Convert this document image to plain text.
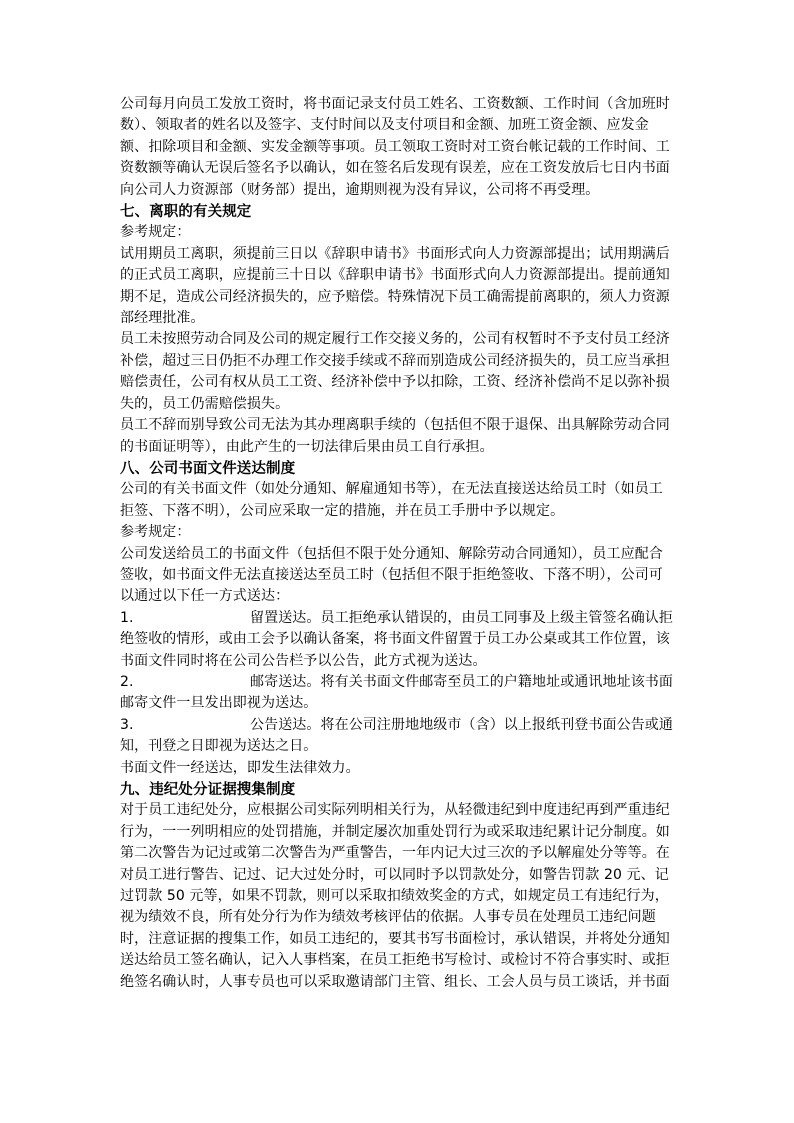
公司每月向员工发放工资时，将书面记录支付员工姓名、工资数额、工作时间（含加班时数）、领取者的姓名以及签字、支付时间以及支付项目和金额、加班工资金额、应发金额、扣除项目和金额、实发金额等事项。员工领取工资时对工资台帐记载的工作时间、工资数额等确认无误后签名予以确认，如在签名后发现有误差，应在工资发放后七日内书面向公司人力资源部（财务部）提出，逾期则视为没有异议，公司将不再受理。

七、离职的有关规定

参考规定：

试用期员工离职，须提前三日以《辞职申请书》书面形式向人力资源部提出；试用期满后的正式员工离职，应提前三十日以《辞职申请书》书面形式向人力资源部提出。提前通知期不足，造成公司经济损失的，应予赔偿。特殊情况下员工确需提前离职的，须人力资源部经理批准。

员工未按照劳动合同及公司的规定履行工作交接义务的，公司有权暂时不予支付员工经济补偿，超过三日仍拒不办理工作交接手续或不辞而别造成公司经济损失的，员工应当承担赔偿责任，公司有权从员工工资、经济补偿中予以扣除，工资、经济补偿尚不足以弥补损失的，员工仍需赔偿损失。

员工不辞而别导致公司无法为其办理离职手续的（包括但不限于退保、出具解除劳动合同的书面证明等），由此产生的一切法律后果由员工自行承担。

八、公司书面文件送达制度

公司的有关书面文件（如处分通知、解雇通知书等），在无法直接送达给员工时（如员工拒签、下落不明），公司应采取一定的措施，并在员工手册中予以规定。

参考规定：

公司发送给员工的书面文件（包括但不限于处分通知、解除劳动合同通知），员工应配合签收，如书面文件无法直接送达至员工时（包括但不限于拒绝签收、下落不明），公司可以通过以下任一方式送达：

1.	留置送达。员工拒绝承认错误的，由员工同事及上级主管签名确认拒绝签收的情形，或由工会予以确认备案，将书面文件留置于员工办公桌或其工作位置，该书面文件同时将在公司公告栏予以公告，此方式视为送达。

2.	邮寄送达。将有关书面文件邮寄至员工的户籍地址或通讯地址该书面邮寄文件一旦发出即视为送达。

3.	公告送达。将在公司注册地地级市（含）以上报纸刊登书面公告或通知，刊登之日即视为送达之日。

书面文件一经送达，即发生法律效力。

九、违纪处分证据搜集制度

对于员工违纪处分，应根据公司实际列明相关行为，从轻微违纪到中度违纪再到严重违纪行为，一一列明相应的处罚措施，并制定屡次加重处罚行为或采取违纪累计记分制度。如第二次警告为记过或第二次警告为严重警告，一年内记大过三次的予以解雇处分等等。在对员工进行警告、记过、记大过处分时，可以同时予以罚款处分，如警告罚款 20 元、记过罚款 50 元等，如果不罚款，则可以采取扣绩效奖金的方式，如规定员工有违纪行为，视为绩效不良，所有处分行为作为绩效考核评估的依据。人事专员在处理员工违纪问题时，注意证据的搜集工作，如员工违纪的，要其书写书面检讨，承认错误，并将处分通知送达给员工签名确认，记入人事档案，在员工拒绝书写检讨、或检讨不符合事实时、或拒绝签名确认时，人事专员也可以采取邀请部门主管、组长、工会人员与员工谈话，并书面
